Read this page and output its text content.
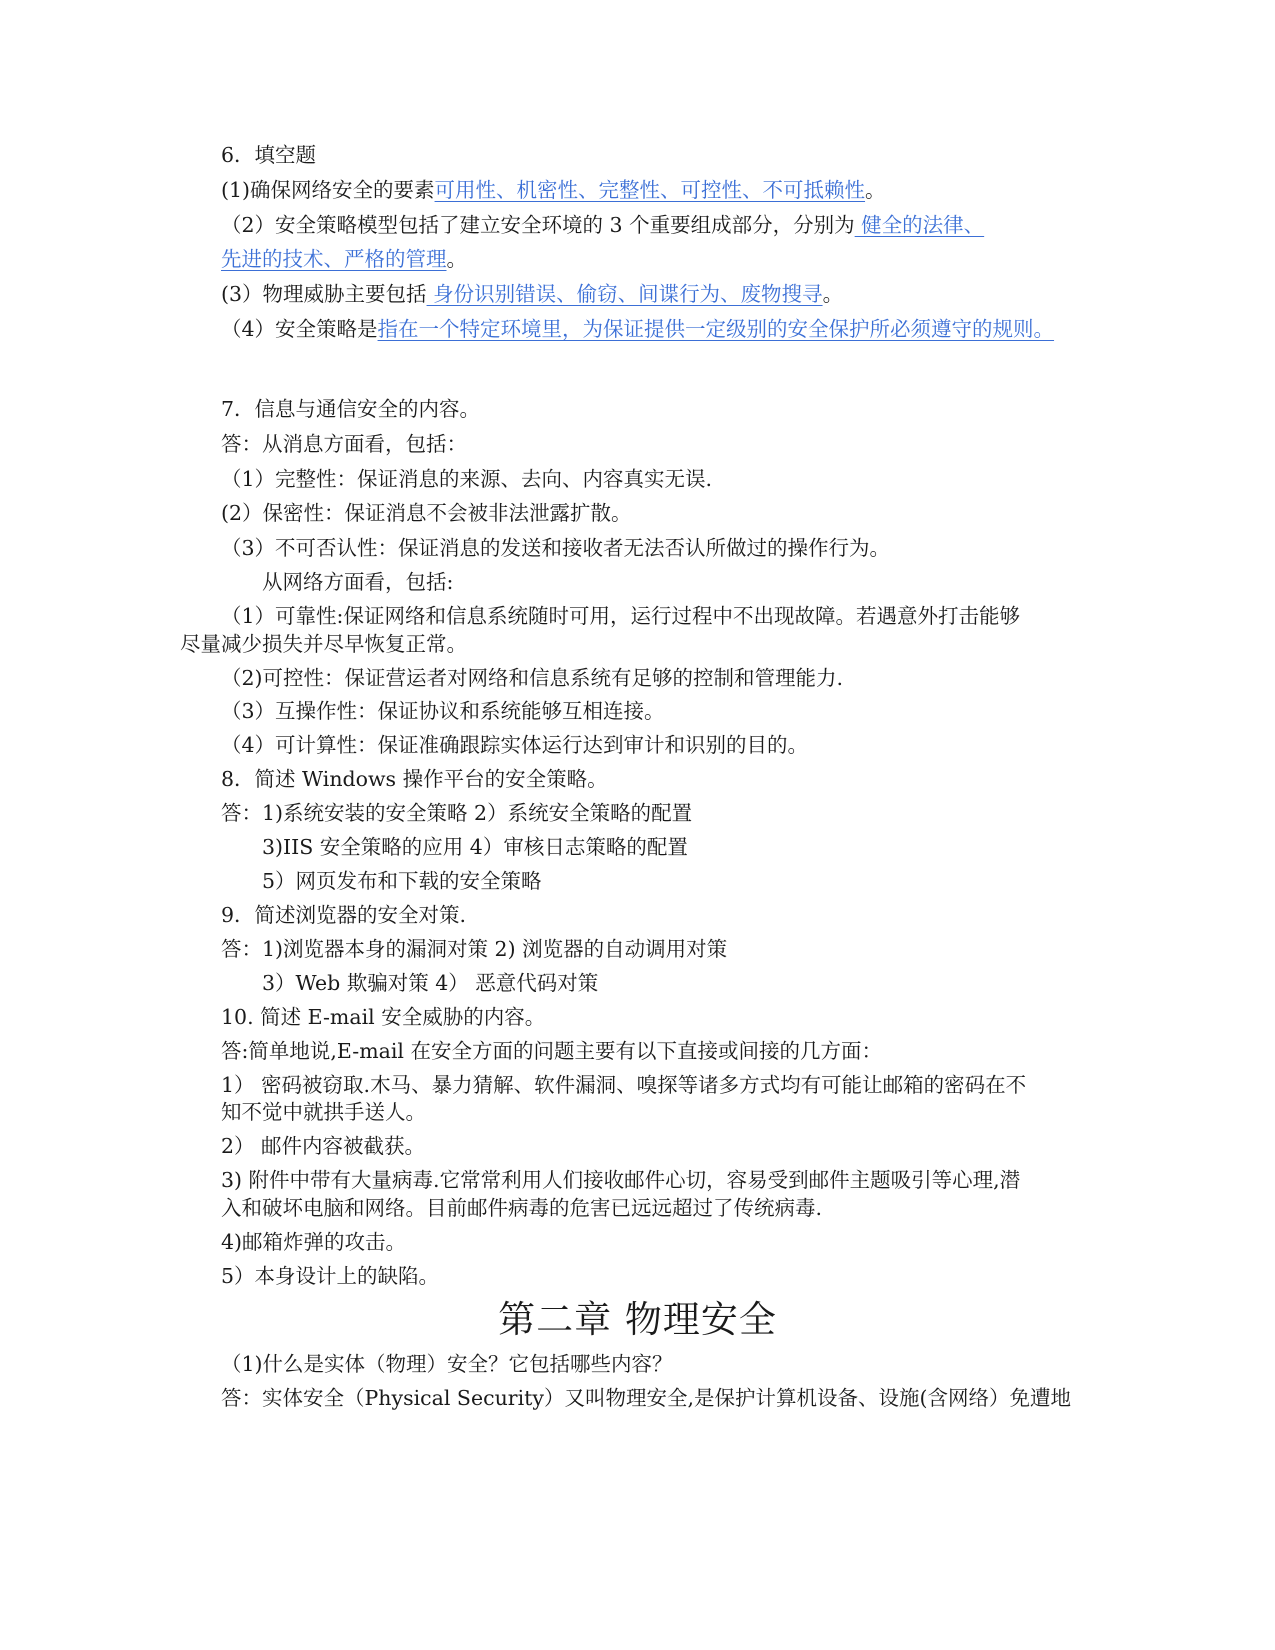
6．填空题
(1)确保网络安全的要素可用性、机密性、完整性、可控性、不可抵赖性。
（2）安全策略模型包括了建立安全环境的 3 个重要组成部分，分别为 健全的法律、
先进的技术、严格的管理。
(3）物理威胁主要包括 身份识别错误、偷窃、间谍行为、废物搜寻。
（4）安全策略是指在一个特定环境里，为保证提供一定级别的安全保护所必须遵守的规则。
7．信息与通信安全的内容。
答：从消息方面看，包括：
（1）完整性：保证消息的来源、去向、内容真实无误.
(2）保密性：保证消息不会被非法泄露扩散。
（3）不可否认性：保证消息的发送和接收者无法否认所做过的操作行为。
从网络方面看，包括:
（1）可靠性:保证网络和信息系统随时可用，运行过程中不出现故障。若遇意外打击能够
尽量减少损失并尽早恢复正常。
（2)可控性：保证营运者对网络和信息系统有足够的控制和管理能力.
（3）互操作性：保证协议和系统能够互相连接。
（4）可计算性：保证准确跟踪实体运行达到审计和识别的目的。
8．简述 Windows 操作平台的安全策略。
答：1)系统安装的安全策略 2）系统安全策略的配置
3)IIS 安全策略的应用 4）审核日志策略的配置
5）网页发布和下载的安全策略
9．简述浏览器的安全对策.
答：1)浏览器本身的漏洞对策 2) 浏览器的自动调用对策
3）Web 欺骗对策 4） 恶意代码对策
10. 简述 E-mail 安全威胁的内容。
答:简单地说,E-mail 在安全方面的问题主要有以下直接或间接的几方面：
1） 密码被窃取.木马、暴力猜解、软件漏洞、嗅探等诸多方式均有可能让邮箱的密码在不
知不觉中就拱手送人。
2） 邮件内容被截获。
3) 附件中带有大量病毒.它常常利用人们接收邮件心切，容易受到邮件主题吸引等心理,潜
入和破坏电脑和网络。目前邮件病毒的危害已远远超过了传统病毒.
4)邮箱炸弹的攻击。
5）本身设计上的缺陷。
第二章 物理安全
（1)什么是实体（物理）安全？它包括哪些内容？
答：实体安全（Physical Security）又叫物理安全,是保护计算机设备、设施(含网络）免遭地
